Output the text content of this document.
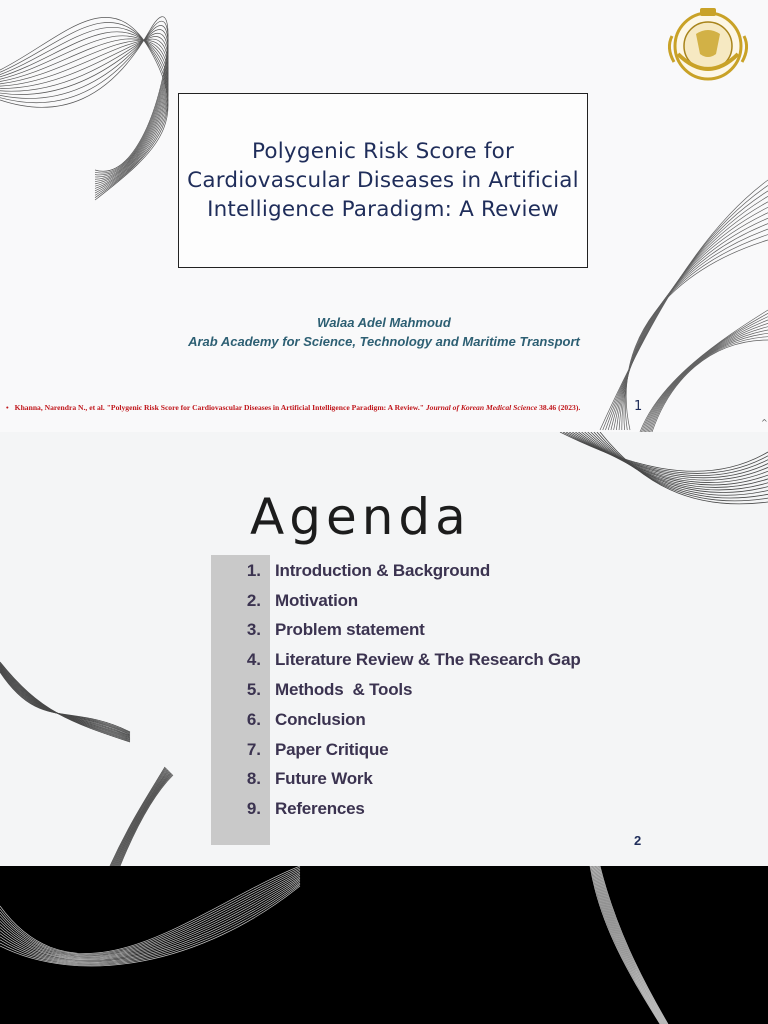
Polygenic Risk Score for Cardiovascular Diseases in Artificial Intelligence Paradigm: A Review
Walaa Adel Mahmoud
Arab Academy for Science, Technology and Maritime Transport
• Khanna, Narendra N., et al. "Polygenic Risk Score for Cardiovascular Diseases in Artificial Intelligence Paradigm: A Review." Journal of Korean Medical Science 38.46 (2023).	1
^
Agenda
1. Introduction & Background
2. Motivation
3. Problem statement
4. Literature Review & The Research Gap
5. Methods  & Tools
6. Conclusion
7. Paper Critique
8. Future Work
9. References
2
